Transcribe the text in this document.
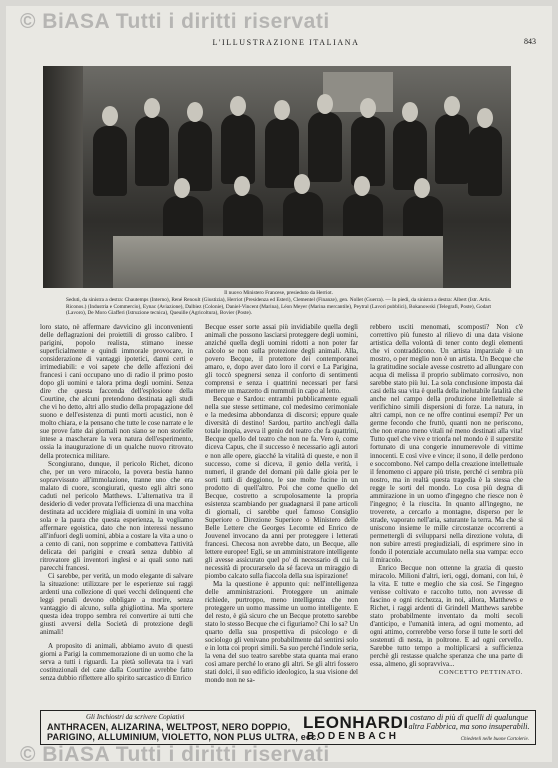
© BiASA Tutti i diritti riservati
L'ILLUSTRAZIONE ITALIANA	843
Il nuovo Ministero Francese, presieduto da Herriot.
Seduti, da sinistra a destra: Chautemps (Interno), René Renoult (Giustizia), Herriot (Presidenza ed Esteri), Clementel (Finanze), gen. Nollet (Guerra). — In piedi, da sinistra a destra: Albert (Istr. Artis. Riconos.) (Industria e Commercio), Eynac (Aviazione), Dalbiez (Colonie), Daniel-Vincent (Marina), Léon Meyer (Marina mercantile), Peytral (Lavori pubblici), Bokanowski (Telegrafi, Poste), Godart (Lavoro), De Moro Giafferi (Istruzione tecnica), Queuille (Agricoltura), Bovier (Poste).

loro stato, nè affermare davvicino gli inconvenienti delle deflagrazioni dei proiettili di grosso calibro. I parigini, popolo realista, stimano inesse superficialmente e quindi immorale provocare, in considerazione di vantaggi ipotetici, danni certi e irrimediabili: e voi sapete che delle affezioni dei francesi i cani occupano uno di radio il primo posto dopo gli uomini e talora prima degli uomini. Senza dire che questa faccenda dell'esplosione della Courtine, che alcuni pretendono destinata agli studi che vi ho detto, altri allo studio della propagazione del suono e dell'esistenza di punti morti acustici, non è molto chiara, e la pensano che tutte le cose narrate e le sue prove fatte dai giornali non siano se non storielle intese a mascherare la vera natura dell'esperimento, ossia la inaugurazione di un qualche nuovo ritrovato della protecnica militare.

Scongiurano, dunque, il pericolo Richet, dicono che, per un vero miracolo, la povera bestia hanno sopravvissuto all'immolazione, tranne uno che era malato di cuore, scongiurati, questo egli altri sono caduti nel pericolo Matthews. L'alternativa tra il desiderio di veder provata l'efficienza di una macchina destinata ad uccidere migliaia di uomini in una volta sola e la paura che questa esperienza, la vogliamo affermare egoistica, dato che non interessi nessuno all'infuori degli uomini, abbia a costare la vita a uno o a cento di cani, non sopprime e combatteva l'attività delicata dei parigini e crearà senza dubbio al ritrovatore gli inventori inglesi e ai quali sono nati parecchi francesi.

Ci sarebbe, per verità, un modo elegante di salvare la situazione: utilizzare per le esperienze sui raggi ardenti una collezione di quei vecchi delinquenti che leggi penali devono obbligare a morire, senza vantaggio di alcuno, sulla ghigliottina. Ma sportere questa idea troppo sembra rei convertire ai tutti che giusti avversi della Società di protezione degli animali!

A proposito di animali, abbiamo avuto di questi giorni a Parigi la commemorazione di un uomo che la serva a tutti i riguardi. La pietà sollevata tra i vari costituzionali del cane dalla Courtine avrebbe fatto senza dubbio riflettere allo spirito sarcastico di Enrico

Becque esser sorte assai più invidiabile quella degli animali che possono lasciarsi proteggere degli uomini, anziché quella degli uomini ridotti a non poter far calcolo se non sulla protezione degli animali. Alla, povero Becque, il protettore dei contemporanei amaro, e, dopo aver dato loro il corvi e La Parigina, gli toccò spegnersi senza il conforto di sentimenti comprensi e senza i quattrini necessari per farsi mettere un mazzetto di nummuli in capo al letto.

Becque e Sardou: entrambi pubblicamente eguali nella sue stesse settimane, col medesimo cerimoniale e la medesima abbondanza di discorsi; eppure quale diversità di destino! Sardou, partito anch'egli dalla totale inopia, aveva il genio del teatro che fa quattrini, Becque quello del teatro che non ne fa. Vero è, come diceva Capus, che il successo è necessario agli autori e non alle opere, giacché la vitalità di queste, e non il successo, come si diceva, il genio della verità, i numeri, il grande del domani più dalle gioia per le sorti tutti di deggiono, le sue molte fucine in un prodotto di quell'altro. Poi che come quello del Becque, costretto a scrupolosamente la propria esistenza scambiando per guadagnarsi il pane articoli di giornali, ci sarebbe quel famoso Consiglio Superiore o Direzione Superiore o Ministero delle Belle Lettere che Georges Lecomte ed Enrico de Jouvenel invocano da anni per proteggere i letterati francesi. Checosa non avrebbe dato, un Becque, alle lettere europee! Egli, se un amministratore intelligente gli avesse assicurato quel po' di necessario di cui la necessità di procurarselo da sé faceva un miraggio di piombo calcato sulla fiaccola della sua ispirazione!

Ma la questione è appunto qui: nell'intelligenza delle amministrazioni. Proteggere un animale richiede, purtroppo, meno intelligenza che non proteggere un uomo massime un uomo intelligente. E del resto, è già sicuro che un Becque protetto sarebbe stato lo stesso Becque che ci figuriamo? Chi lo sa? Un quarto della sua prospettiva di psicologo e di sociologo gli venivano probabilmente dal sentirsi solo e in lotta coi propri simili. Sa suo perché l'indole seria, la vena del suo teatro sarebbe stata quanta mai erano così amare perché lo erano gli altri. Se gli altri fossero stati dolci, il suo edificio ideologico, la sua visione del mondo non ne sa-

rebbero usciti menomati, scomposti? Non c'è correttivo più funesto al rilievo di una data visione artistica della volontà di tener conto degli elementi che vi contraddicono. Un artista imparziale è un mostro, o per meglio non è un artista. Un Becque che la gratitudine sociale avesse costretto ad allungare con acqua di melissa il proprio sublimato corrosivo, non sarebbe stato più lui. La sola conclusione imposta dai casi della sua vita è quella della inelutabile fatalità che anche nel campo della produzione intellettuale si verifichino simili dispersioni di forze. La natura, in altri campi, non ce ne offre continui esempi? Per un germe fecondo che fruttò, quanti non ne periscono, che non erano meno vitali né meno destinati alla vita! Tutto quel che vive e trionfa nel mondo è il superstite fortunato di una congerie innumerevole di vittime innocenti. E così vive e vince; il sono, il delle perdono e soccombono. Nel campo della creazione intellettuale il fenomeno ci appare più triste, perché ci sembra più nostro, ma in realtà questa tragedia è la stessa che regge le sorti del mondo. Lo cosa più degna di ammirazione in un uomo d'ingegno che riesce non è l'ingegno; è la riuscita. In quanto all'ingegno, ne troverete, a cercarlo a montagne, disperso per le strade, vaporato nell'aria, saturante la terra. Ma che si uniscono insieme le mille circostanze occorrenti a permettergli di svilupparsi nella direzione voluta, di non subire arresti pregiudiziali, di esprimere sino in fondo il potenziale accumulato nella sua vampa: ecco il miracolo.

Enrico Becque non ottenne la grazia di questo miracolo. Milioni d'altri, ieri, oggi, domani, con lui, è la vita. E tutte e meglio che sia così. Se l'ingegno venisse coltivato e raccolto tutto, non avvesse di fascino e ogni ricchezza, in noi, allora, Matthews e Richet, i raggi ardenti di Grindell Matthews sarebbe stato probabilmente inventato da molti secoli d'anticipo, e l'umanità intera, ad ogni momento, ad ogni attimo, correrebbe verso forse il tutte le sorti del sostenuti di nesta, in poltrone. E ad ogni cervello. Sarebbe tutto tempo a moltiplicarsi a sufficienza perchè gli restasse qualche speranza che una parte di essa, almeno, gli sopravviva...

CONCETTO PETTINATO.
Gli Inchiostri da scrivere Copiativi
ANTHRACEN, ALIZARINA, WELTPOST, NERO DOPPIO,
PARIGINO, ALLUMINIUM, VIOLETTO, NON PLUS ULTRA, ecc.
LEONHARDI
BODENBACH
costano di più di quelli di qualunque altra Fabbrica, ma sono insuperabili.
Chiedeteli nelle buone Cartolerie.
© BiASA Tutti i diritti riservati
